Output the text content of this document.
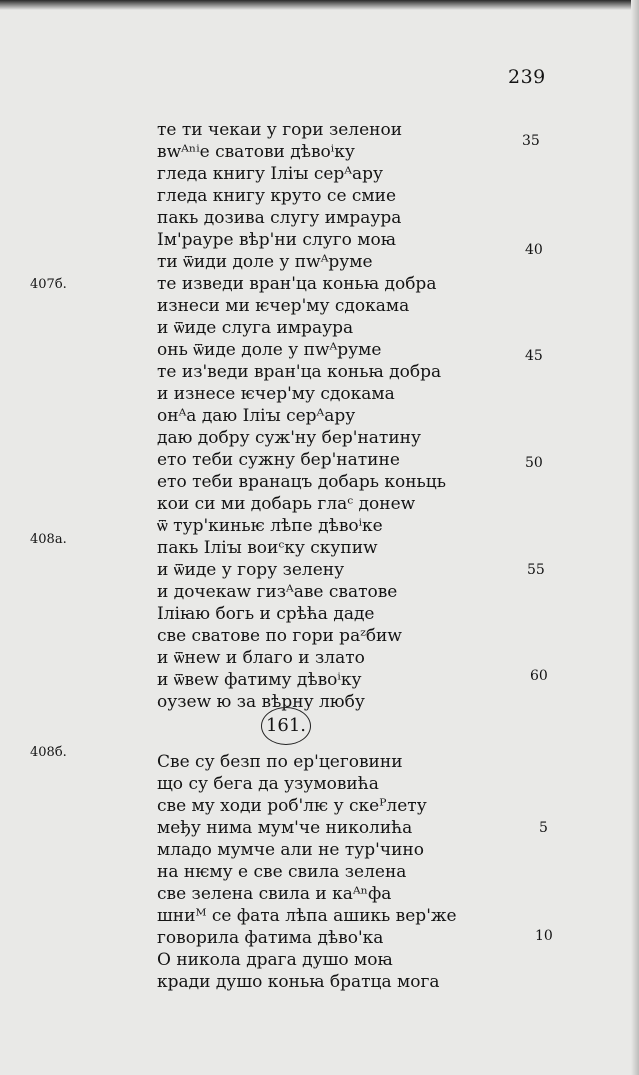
239
те ти чекаи у гори зеленои
вwᴬⁿⁱе сватови дѣвоⁱку
гледа книгу Iлiꙑ серᴬару
гледа книгу круто се смие
пакь дозива слугу имраура
Iм'рауре вѣр'ни слуго моꙗ
ти ѿиди доле у пwᴬруме
те изведи вран'ца коньꙗ добра
изнеси ми ѥчер'му сдокама
и ѿиде слуга имраура
онь ѿиде доле у пwᴬруме
те из'веди вран'ца коньꙗ добра
и изнесе ѥчер'му сдокама
онᴬа даю Iлiꙑ серᴬару
даю добру суж'ну бер'натину
ето теби сужну бер'натине
ето теби вранацъ добарь коньць
кои си ми добарь глаᶜ донеw
ѿ тур'киньѥ лѣпе дѣвоⁱке
пакь Iлiꙑ воиᶜку скупиw
и ѿиде у гору зелену
и дочекаw гизᴬаве сватове
Iлiꙗю богь и срѣћа даде
све сватове по гори раᶻбиw
и ѿнеw и благо и злато
и ѿвеw фатиму дѣвоⁱку
оузеw ю за вѣрну любу
161.
Све су безп по ер'цеговини
що су бега да узумовића
све му ходи роб'лѥ у скеᴾлету
међу нима мум'че николића
младо мумче али не тур'чино
на нѥму е све свила зелена
све зелена свила и каᴬⁿфа
шниᴹ се фата лѣпа ашикь вер'же
говорила фатима дѣво'ка
О никола драга душо моꙗ
кради душо коньꙗ братца мога
35
40
45
50
55
60
5
10
407б.
408а.
408б.
